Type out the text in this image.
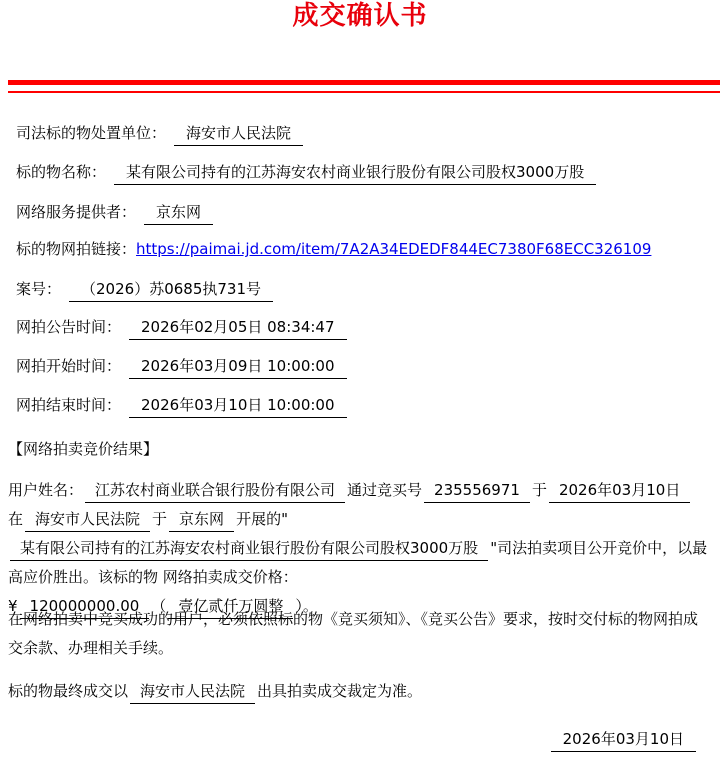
成交确认书
司法标的物处置单位： 海安市人民法院
标的物名称： 某有限公司持有的江苏海安农村商业银行股份有限公司股权3000万股
网络服务提供者： 京东网
标的物网拍链接：https://paimai.jd.com/item/7A2A34EDEDF844EC7380F68ECC326109
案号： （2026）苏0685执731号
网拍公告时间： 2026年02月05日 08:34:47
网拍开始时间： 2026年03月09日 10:00:00
网拍结束时间： 2026年03月10日 10:00:00
【网络拍卖竞价结果】
用户姓名： 江苏农村商业联合银行股份有限公司 通过竞买号 235556971 于 2026年03月10日 在 海安市人民法院 于 京东网 开展的"某有限公司持有的江苏海安农村商业银行股份有限公司股权3000万股 "司法拍卖项目公开竞价中，以最高应价胜出。该标的物 网络拍卖成交价格：
¥ 120000000.00 （ 壹亿贰仟万圆整 ）。
在网络拍卖中竞买成功的用户，必须依照标的物《竞买须知》、《竞买公告》要求，按时交付标的物网拍成交余款、办理相关手续。
标的物最终成交以 海安市人民法院 出具拍卖成交裁定为准。
2026年03月10日
